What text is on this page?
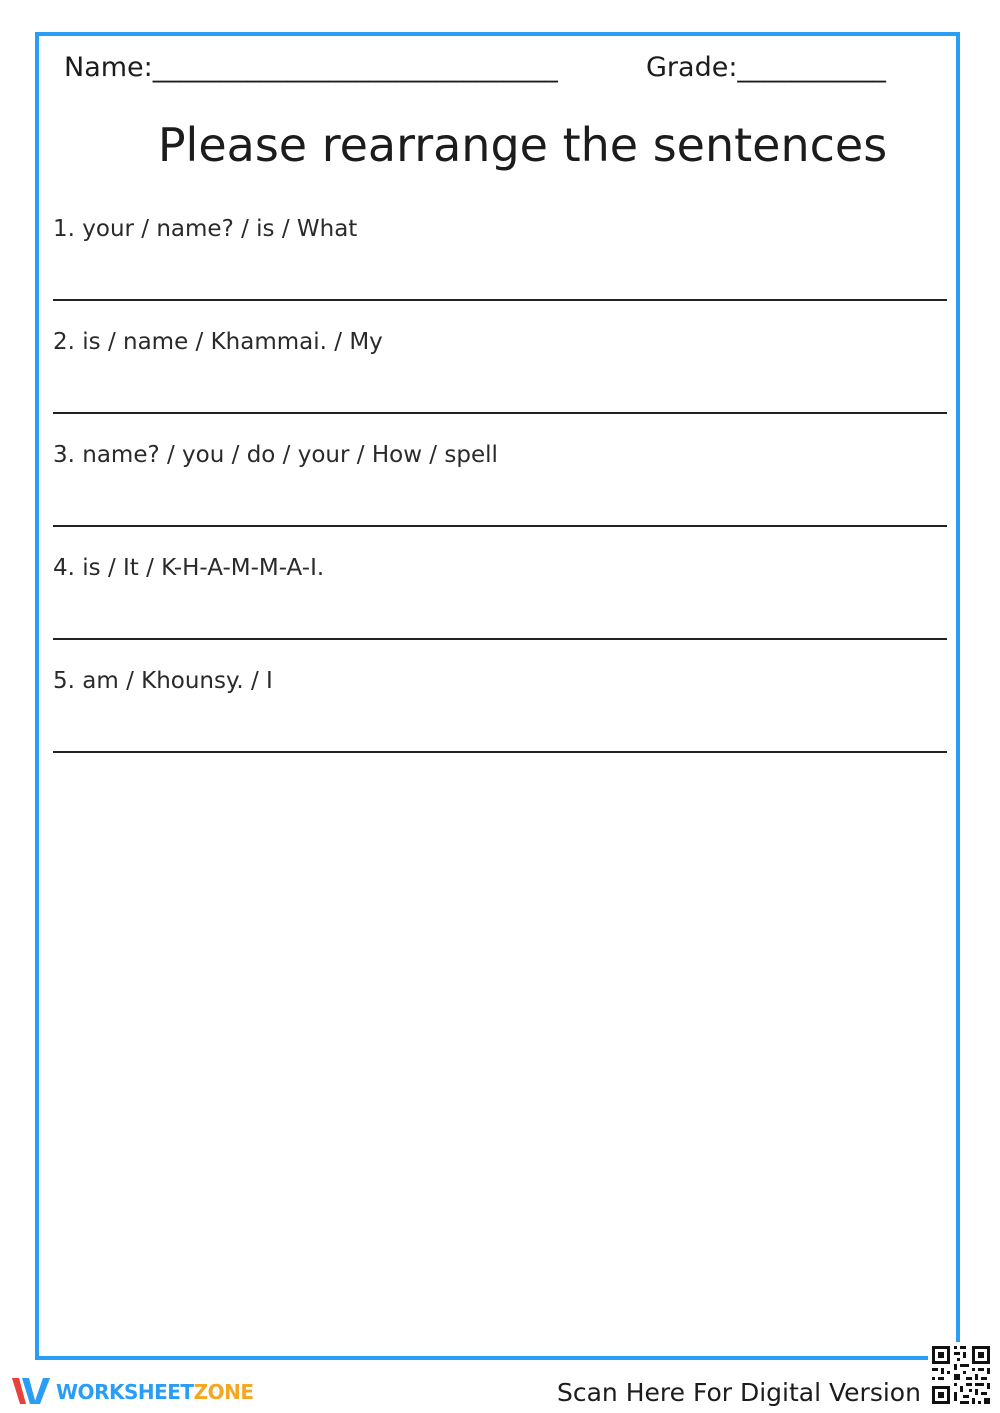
Name:______________________________	Grade:___________
Please rearrange the sentences
1. your / name? / is / What
2. is / name / Khammai. / My
3. name? / you / do / your / How / spell
4. is / It / K-H-A-M-M-A-I.
5. am / Khounsy. / I
WORKSHEETZONE	Scan Here For Digital Version
